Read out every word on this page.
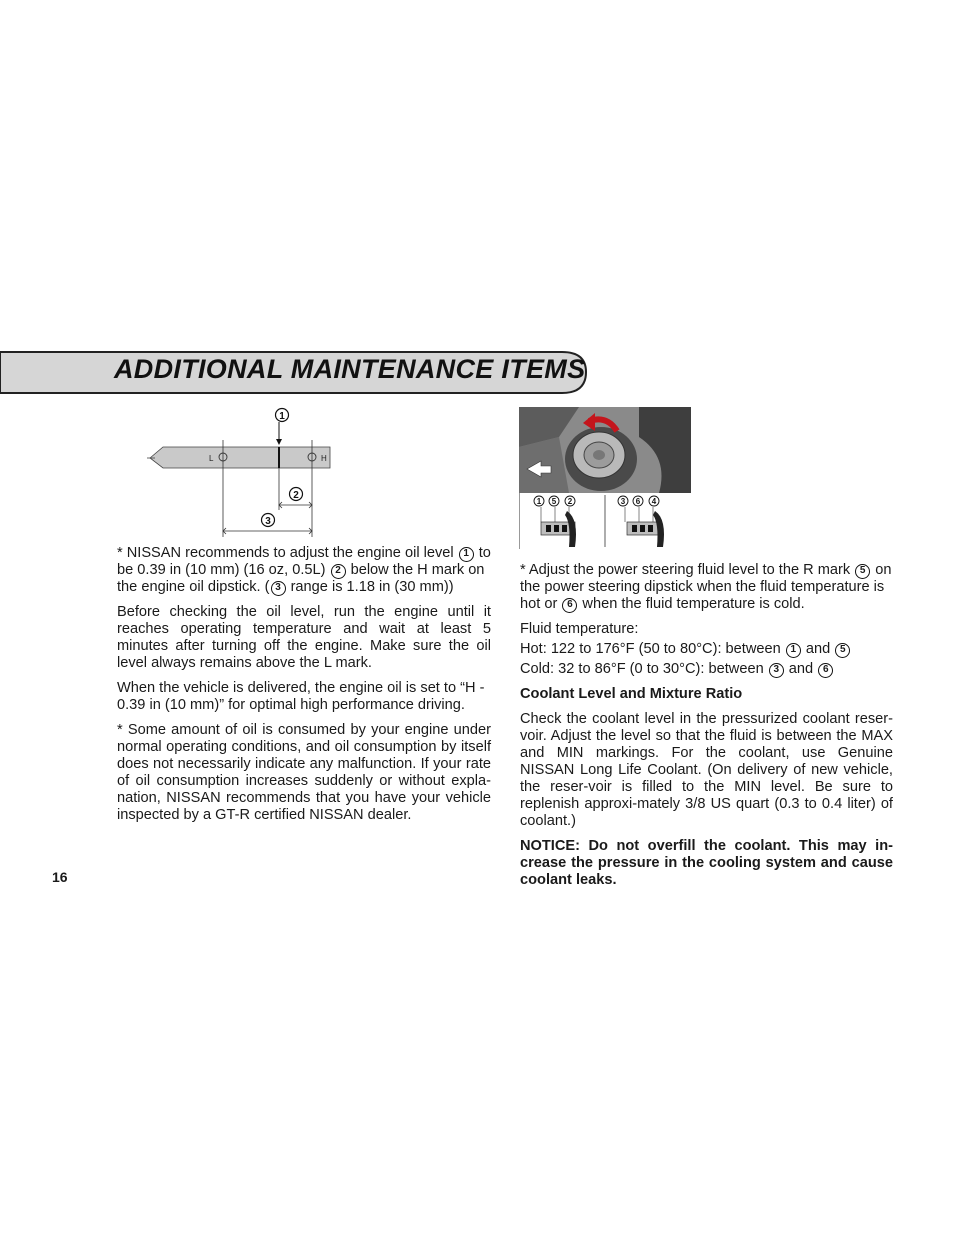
ADDITIONAL MAINTENANCE ITEMS
L	H
1
2
3
1 5 2	3 6 4

* NISSAN recommends to adjust the engine oil level 1 to be 0.39 in (10 mm) (16 oz, 0.5L) 2 below the H mark on the engine oil dipstick. ( 3 range is 1.18 in (30 mm))

Before checking the oil level, run the engine until it reaches operating temperature and wait at least 5 minutes after turning off the engine. Make sure the oil level always remains above the L mark.

When the vehicle is delivered, the engine oil is set to “H - 0.39 in (10 mm)” for optimal high performance driving.

* Some amount of oil is consumed by your engine under normal operating conditions, and oil consumption by itself does not necessarily indicate any malfunction. If your rate of oil consumption increases suddenly or without expla-nation, NISSAN recommends that you have your vehicle inspected by a GT-R certified NISSAN dealer.

* Adjust the power steering fluid level to the R mark 5 on the power steering dipstick when the fluid temperature is hot or 6 when the fluid temperature is cold.

Fluid temperature:

Hot: 122 to 176°F (50 to 80°C): between 1 and 5

Cold: 32 to 86°F (0 to 30°C): between 3 and 6

Coolant Level and Mixture Ratio

Check the coolant level in the pressurized coolant reser-voir. Adjust the level so that the fluid is between the MAX and MIN markings. For the coolant, use Genuine NISSAN Long Life Coolant. (On delivery of new vehicle, the reser-voir is filled to the MIN level. Be sure to replenish approxi-mately 3/8 US quart (0.3 to 0.4 liter) of coolant.)

NOTICE: Do not overfill the coolant. This may in-crease the pressure in the cooling system and cause coolant leaks.

16
